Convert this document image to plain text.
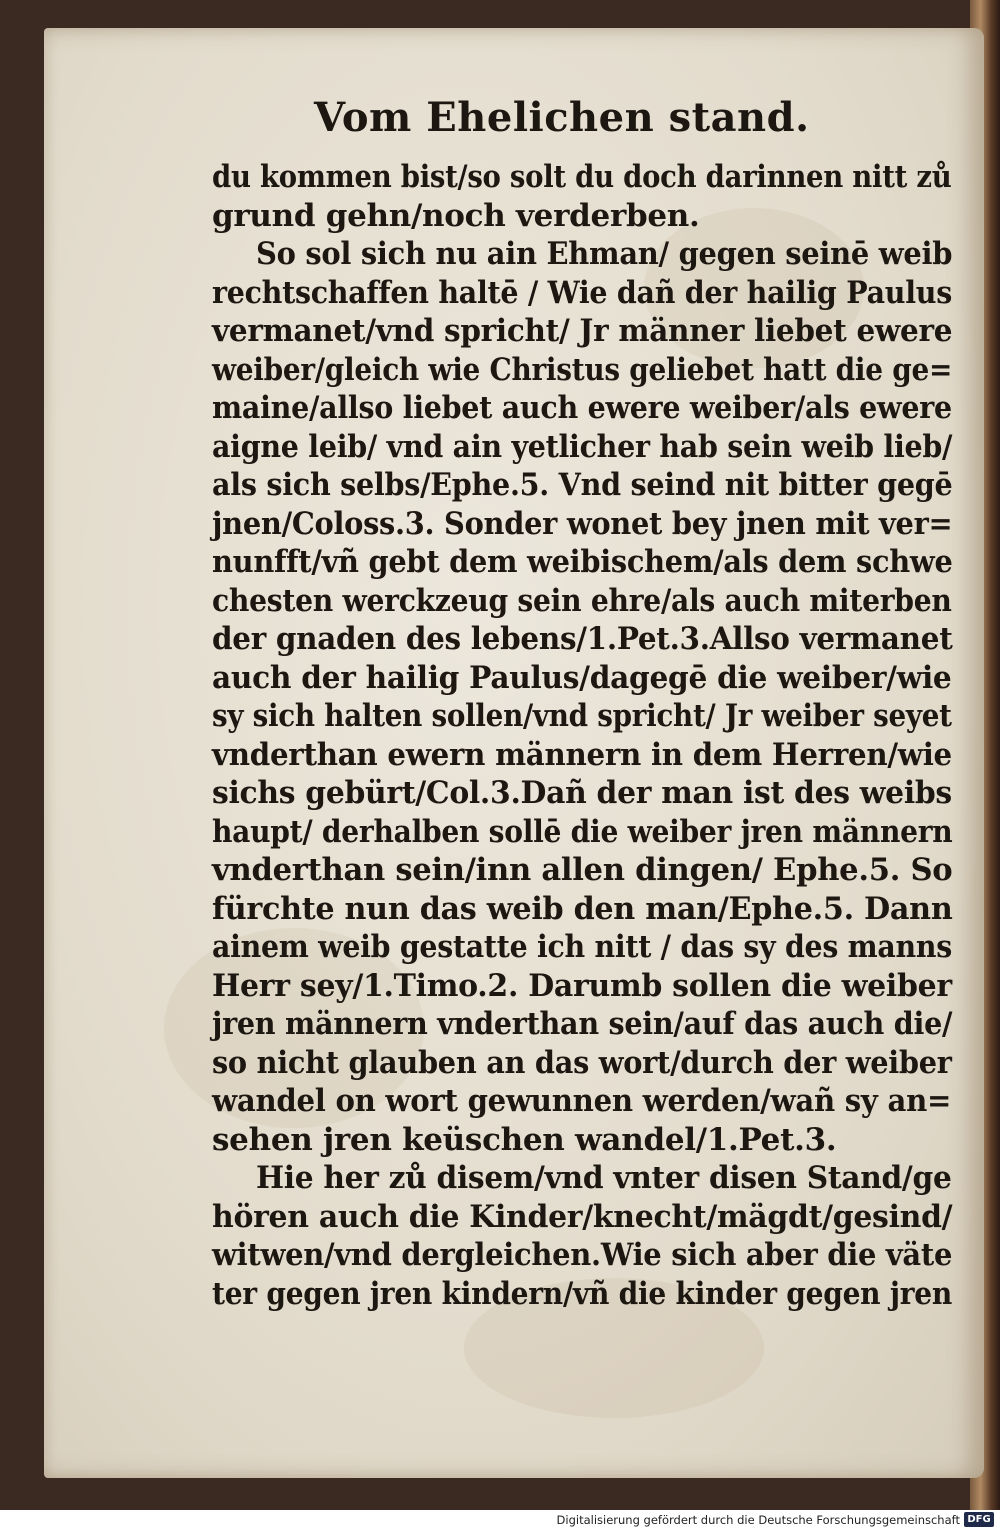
Vom Ehelichen stand.
du kommen bist/so solt du doch darinnen nitt zů
grund gehn/noch verderben.
So sol sich nu ain Ehman/ gegen seinē weib
rechtschaffen haltē / Wie dañ der hailig Paulus
vermanet/vnd spricht/ Jr männer liebet ewere
weiber/gleich wie Christus geliebet hatt die ge=
maine/allso liebet auch ewere weiber/als ewere
aigne leib/ vnd ain yetlicher hab sein weib lieb/
als sich selbs/Ephe.5. Vnd seind nit bitter gegē
jnen/Coloss.3. Sonder wonet bey jnen mit ver=
nunfft/vñ gebt dem weibischem/als dem schwe
chesten werckzeug sein ehre/als auch miterben
der gnaden des lebens/1.Pet.3.Allso vermanet
auch der hailig Paulus/dagegē die weiber/wie
sy sich halten sollen/vnd spricht/ Jr weiber seyet
vnderthan ewern männern in dem Herren/wie
sichs gebürt/Col.3.Dañ der man ist des weibs
haupt/ derhalben sollē die weiber jren männern
vnderthan sein/inn allen dingen/ Ephe.5. So
fürchte nun das weib den man/Ephe.5. Dann
ainem weib gestatte ich nitt / das sy des manns
Herr sey/1.Timo.2. Darumb sollen die weiber
jren männern vnderthan sein/auf das auch die/
so nicht glauben an das wort/durch der weiber
wandel on wort gewunnen werden/wañ sy an=
sehen jren keüschen wandel/1.Pet.3.
Hie her zů disem/vnd vnter disen Stand/ge
hören auch die Kinder/knecht/mägdt/gesind/
witwen/vnd dergleichen.Wie sich aber die väte
ter gegen jren kindern/vñ die kinder gegen jren
Digitalisierung gefördert durch die Deutsche Forschungsgemeinschaft DFG
